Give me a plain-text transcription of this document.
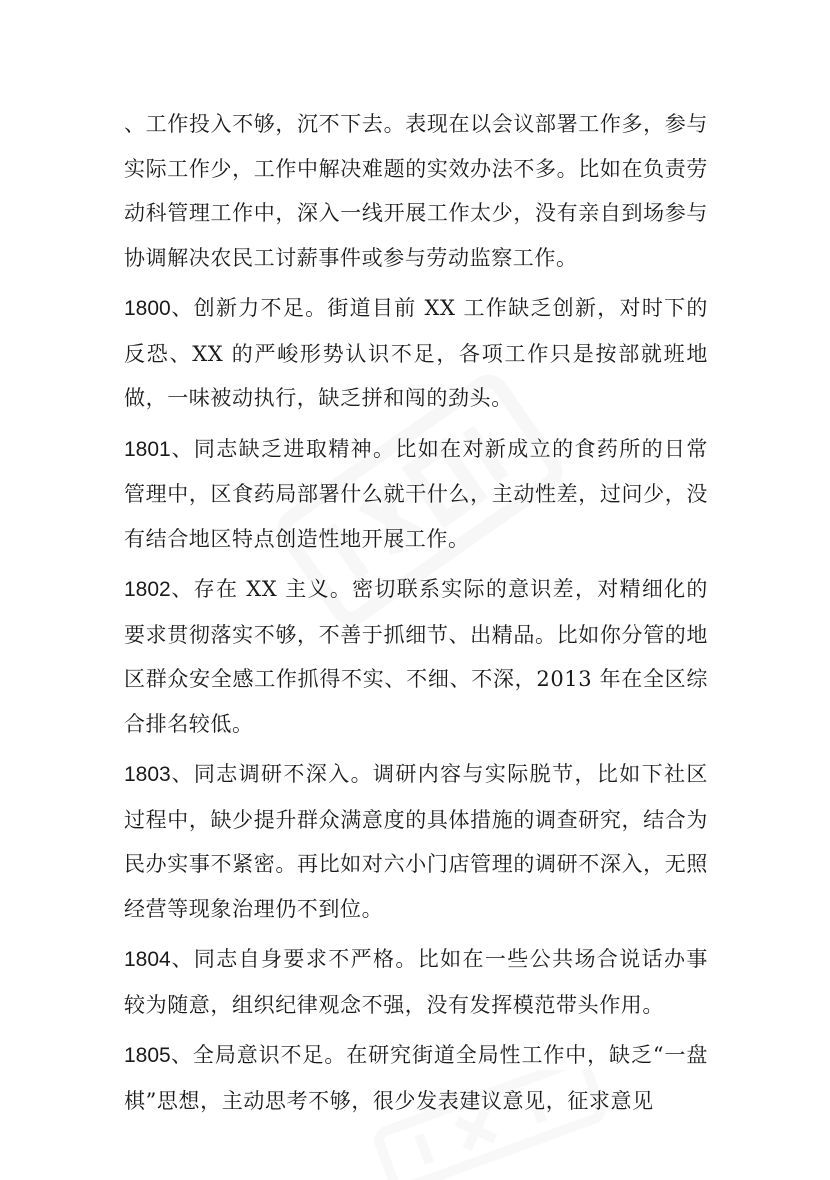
、工作投入不够，沉不下去。表现在以会议部署工作多，参与实际工作少，工作中解决难题的实效办法不多。比如在负责劳动科管理工作中，深入一线开展工作太少，没有亲自到场参与协调解决农民工讨薪事件或参与劳动监察工作。

1800、创新力不足。街道目前 XX 工作缺乏创新，对时下的反恐、XX 的严峻形势认识不足，各项工作只是按部就班地做，一味被动执行，缺乏拼和闯的劲头。

1801、同志缺乏进取精神。比如在对新成立的食药所的日常管理中，区食药局部署什么就干什么，主动性差，过问少，没有结合地区特点创造性地开展工作。

1802、存在 XX 主义。密切联系实际的意识差，对精细化的要求贯彻落实不够，不善于抓细节、出精品。比如你分管的地区群众安全感工作抓得不实、不细、不深，2013 年在全区综合排名较低。

1803、同志调研不深入。调研内容与实际脱节，比如下社区过程中，缺少提升群众满意度的具体措施的调查研究，结合为民办实事不紧密。再比如对六小门店管理的调研不深入，无照经营等现象治理仍不到位。

1804、同志自身要求不严格。比如在一些公共场合说话办事较为随意，组织纪律观念不强，没有发挥模范带头作用。

1805、全局意识不足。在研究街道全局性工作中，缺乏“一盘棋”思想，主动思考不够，很少发表建议意见，征求意见
